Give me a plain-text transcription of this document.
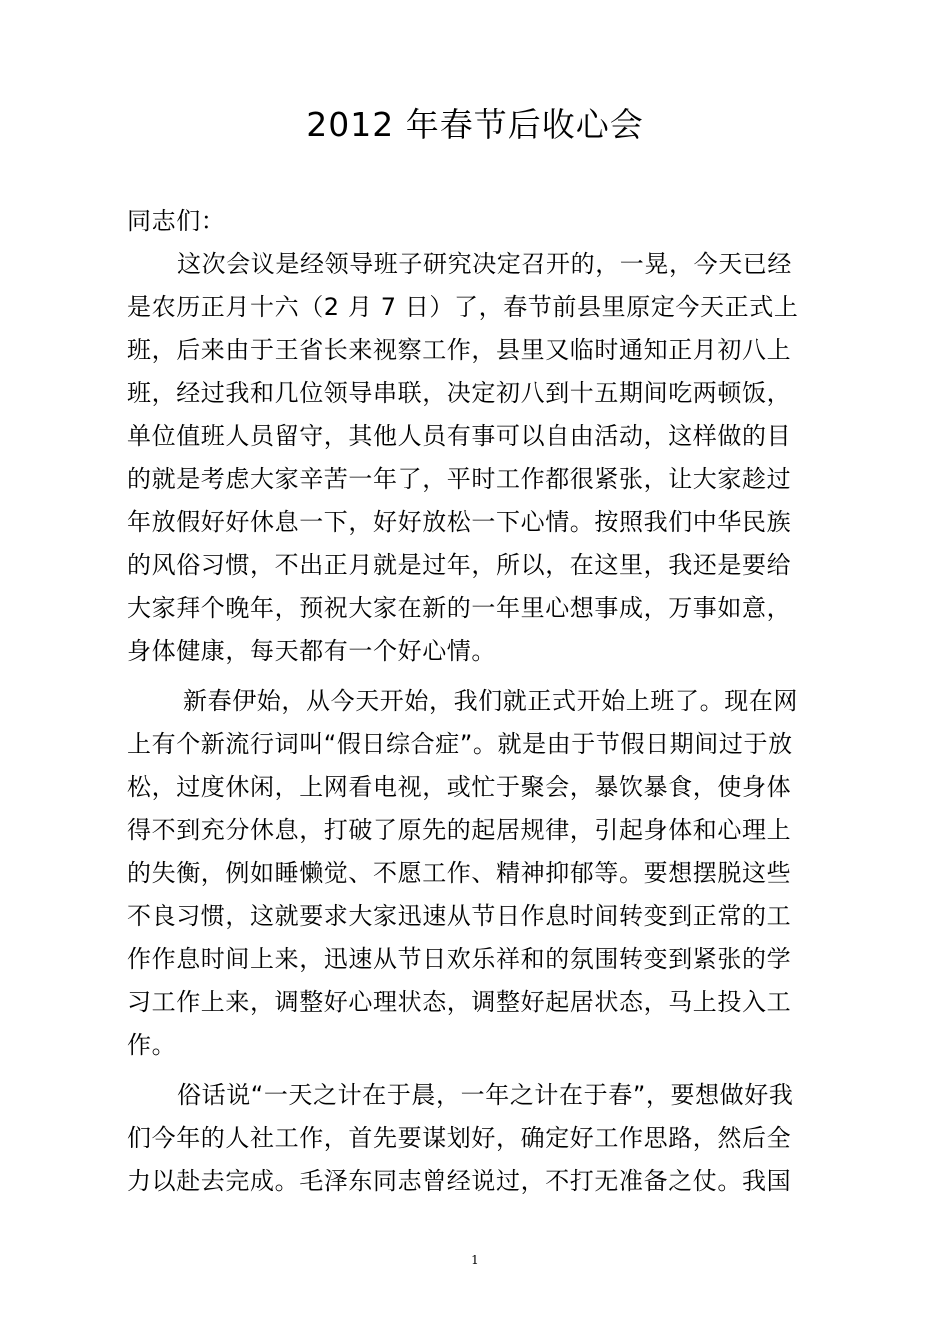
2012 年春节后收心会
同志们：
这次会议是经领导班子研究决定召开的，一晃，今天已经
是农历正月十六（2 月 7 日）了，春节前县里原定今天正式上
班，后来由于王省长来视察工作，县里又临时通知正月初八上
班，经过我和几位领导串联，决定初八到十五期间吃两顿饭，
单位值班人员留守，其他人员有事可以自由活动，这样做的目
的就是考虑大家辛苦一年了，平时工作都很紧张，让大家趁过
年放假好好休息一下，好好放松一下心情。按照我们中华民族
的风俗习惯，不出正月就是过年，所以，在这里，我还是要给
大家拜个晚年，预祝大家在新的一年里心想事成，万事如意，
身体健康，每天都有一个好心情。
新春伊始，从今天开始，我们就正式开始上班了。现在网
上有个新流行词叫“假日综合症”。就是由于节假日期间过于放
松，过度休闲，上网看电视，或忙于聚会，暴饮暴食，使身体
得不到充分休息，打破了原先的起居规律，引起身体和心理上
的失衡，例如睡懒觉、不愿工作、精神抑郁等。要想摆脱这些
不良习惯，这就要求大家迅速从节日作息时间转变到正常的工
作作息时间上来，迅速从节日欢乐祥和的氛围转变到紧张的学
习工作上来，调整好心理状态，调整好起居状态，马上投入工
作。
俗话说“一天之计在于晨，一年之计在于春”，要想做好我
们今年的人社工作，首先要谋划好，确定好工作思路，然后全
力以赴去完成。毛泽东同志曾经说过，不打无准备之仗。我国
1
